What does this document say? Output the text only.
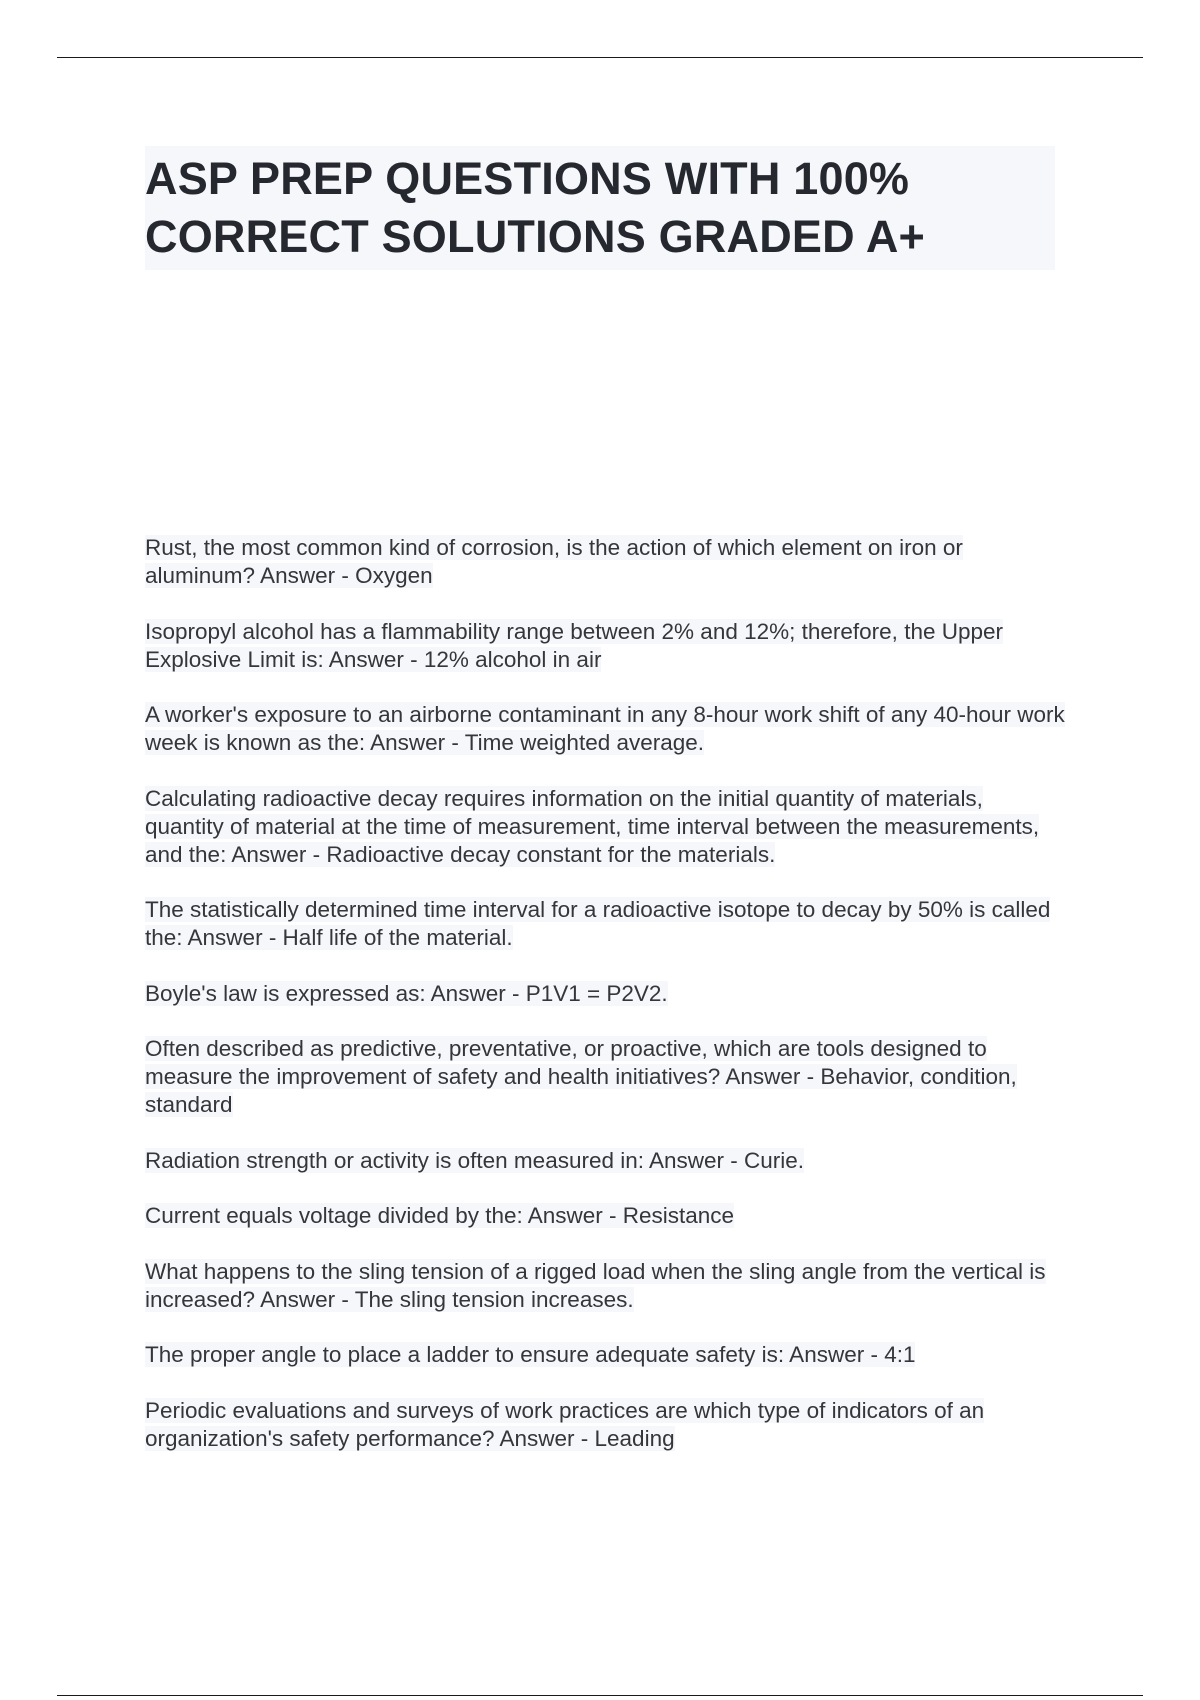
ASP PREP QUESTIONS WITH 100%
CORRECT SOLUTIONS GRADED A+
Rust, the most common kind of corrosion, is the action of which element on iron or aluminum? Answer - Oxygen
Isopropyl alcohol has a flammability range between 2% and 12%; therefore, the Upper Explosive Limit is: Answer - 12% alcohol in air
A worker's exposure to an airborne contaminant in any 8-hour work shift of any 40-hour work week is known as the: Answer - Time weighted average.
Calculating radioactive decay requires information on the initial quantity of materials, quantity of material at the time of measurement, time interval between the measurements, and the: Answer - Radioactive decay constant for the materials.
The statistically determined time interval for a radioactive isotope to decay by 50% is called the: Answer - Half life of the material.
Boyle's law is expressed as: Answer - P1V1 = P2V2.
Often described as predictive, preventative, or proactive, which are tools designed to measure the improvement of safety and health initiatives? Answer - Behavior, condition, standard
Radiation strength or activity is often measured in: Answer - Curie.
Current equals voltage divided by the: Answer - Resistance
What happens to the sling tension of a rigged load when the sling angle from the vertical is increased? Answer - The sling tension increases.
The proper angle to place a ladder to ensure adequate safety is: Answer - 4:1
Periodic evaluations and surveys of work practices are which type of indicators of an organization's safety performance? Answer - Leading
